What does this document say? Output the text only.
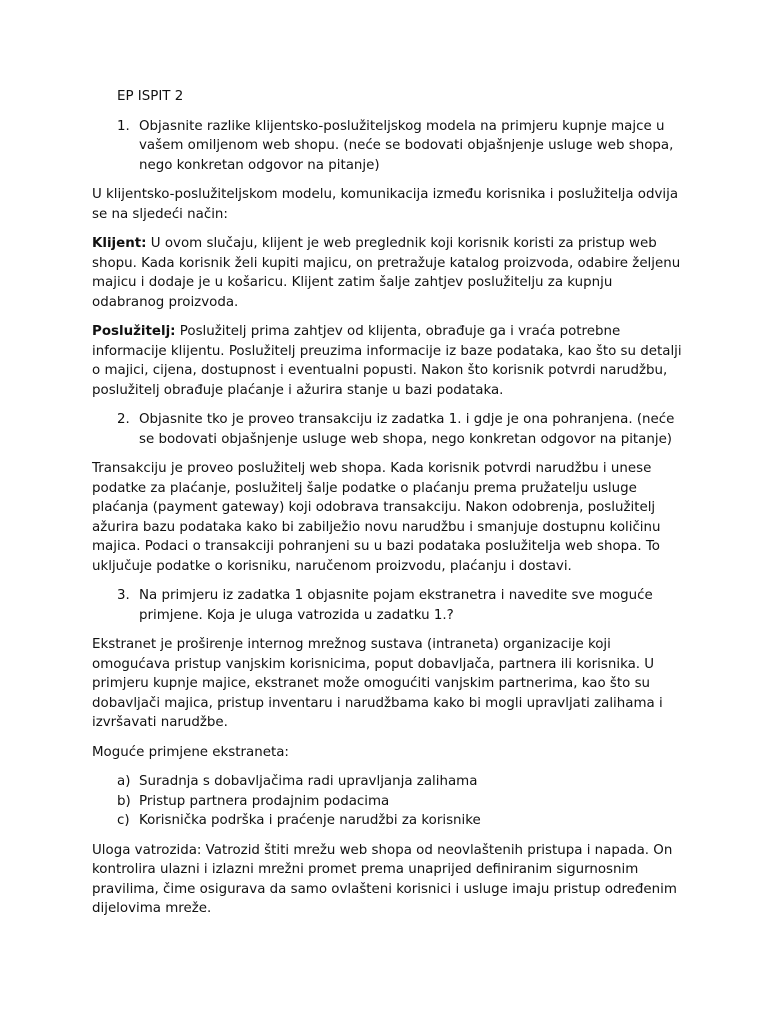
EP ISPIT 2
1. Objasnite razlike klijentsko-poslužiteljskog modela na primjeru kupnje majce u vašem omiljenom web shopu. (neće se bodovati objašnjenje usluge web shopa, nego konkretan odgovor na pitanje)
U klijentsko-poslužiteljskom modelu, komunikacija između korisnika i poslužitelja odvija se na sljedeći način:
Klijent: U ovom slučaju, klijent je web preglednik koji korisnik koristi za pristup web shopu. Kada korisnik želi kupiti majicu, on pretražuje katalog proizvoda, odabire željenu majicu i dodaje je u košaricu. Klijent zatim šalje zahtjev poslužitelju za kupnju odabranog proizvoda.
Poslužitelj: Poslužitelj prima zahtjev od klijenta, obrađuje ga i vraća potrebne informacije klijentu. Poslužitelj preuzima informacije iz baze podataka, kao što su detalji o majici, cijena, dostupnost i eventualni popusti. Nakon što korisnik potvrdi narudžbu, poslužitelj obrađuje plaćanje i ažurira stanje u bazi podataka.
2. Objasnite tko je proveo transakciju iz zadatka 1. i gdje je ona pohranjena. (neće se bodovati objašnjenje usluge web shopa, nego konkretan odgovor na pitanje)
Transakciju je proveo poslužitelj web shopa. Kada korisnik potvrdi narudžbu i unese podatke za plaćanje, poslužitelj šalje podatke o plaćanju prema pružatelju usluge plaćanja (payment gateway) koji odobrava transakciju. Nakon odobrenja, poslužitelj ažurira bazu podataka kako bi zabilježio novu narudžbu i smanjuje dostupnu količinu majica. Podaci o transakciji pohranjeni su u bazi podataka poslužitelja web shopa. To uključuje podatke o korisniku, naručenom proizvodu, plaćanju i dostavi.
3. Na primjeru iz zadatka 1 objasnite pojam ekstranetra i navedite sve moguće primjene. Koja je uluga vatrozida u zadatku 1.?
Ekstranet je proširenje internog mrežnog sustava (intraneta) organizacije koji omogućava pristup vanjskim korisnicima, poput dobavljača, partnera ili korisnika. U primjeru kupnje majice, ekstranet može omogućiti vanjskim partnerima, kao što su dobavljači majica, pristup inventaru i narudžbama kako bi mogli upravljati zalihama i izvršavati narudžbe.
Moguće primjene ekstraneta:
a) Suradnja s dobavljačima radi upravljanja zalihama
b) Pristup partnera prodajnim podacima
c) Korisnička podrška i praćenje narudžbi za korisnike
Uloga vatrozida: Vatrozid štiti mrežu web shopa od neovlaštenih pristupa i napada. On kontrolira ulazni i izlazni mrežni promet prema unaprijed definiranim sigurnosnim pravilima, čime osigurava da samo ovlašteni korisnici i usluge imaju pristup određenim dijelovima mreže.
